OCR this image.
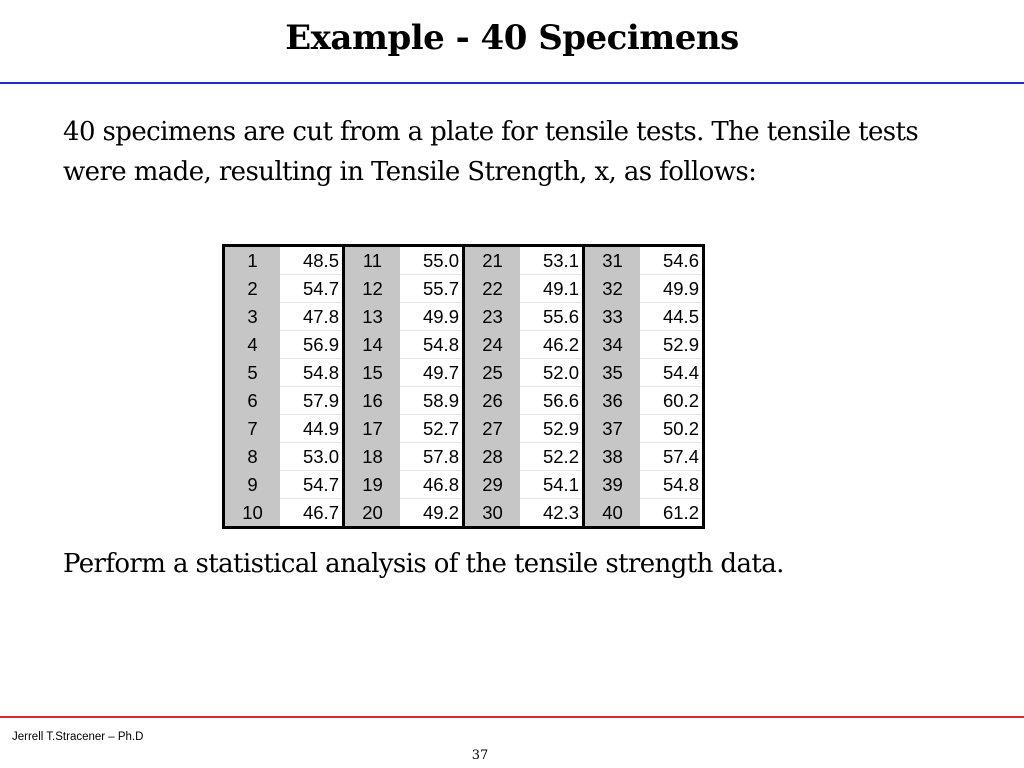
Example - 40 Specimens

40 specimens are cut from a plate for tensile tests. The tensile tests were made, resulting in Tensile Strength, x, as follows:

1	48.5	11	55.0	21	53.1	31	54.6
2	54.7	12	55.7	22	49.1	32	49.9
3	47.8	13	49.9	23	55.6	33	44.5
4	56.9	14	54.8	24	46.2	34	52.9
5	54.8	15	49.7	25	52.0	35	54.4
6	57.9	16	58.9	26	56.6	36	60.2
7	44.9	17	52.7	27	52.9	37	50.2
8	53.0	18	57.8	28	52.2	38	57.4
9	54.7	19	46.8	29	54.1	39	54.8
10	46.7	20	49.2	30	42.3	40	61.2

Perform a statistical analysis of the tensile strength data.

Jerrell T.Stracener – Ph.D
37
